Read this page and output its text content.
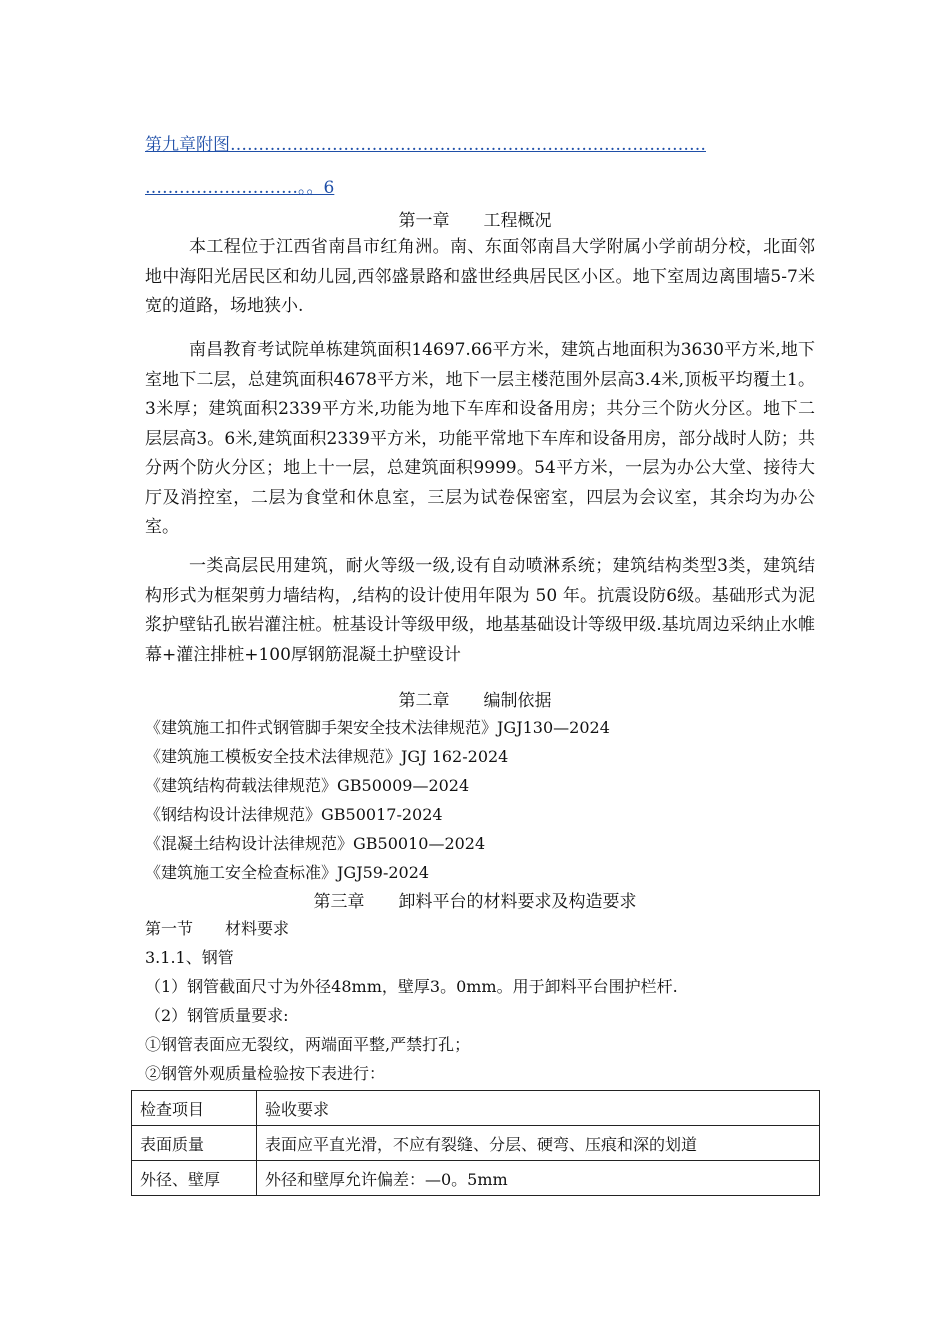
第九章附图…………………………………………………………………………
………………………。。6
第一章　　工程概况
本工程位于江西省南昌市红角洲。南、东面邻南昌大学附属小学前胡分校，北面邻地中海阳光居民区和幼儿园,西邻盛景路和盛世经典居民区小区。地下室周边离围墙5-7米宽的道路，场地狭小.
南昌教育考试院单栋建筑面积14697.66平方米，建筑占地面积为3630平方米,地下室地下二层，总建筑面积4678平方米，地下一层主楼范围外层高3.4米,顶板平均覆土1。3米厚；建筑面积2339平方米,功能为地下车库和设备用房；共分三个防火分区。地下二层层高3。6米,建筑面积2339平方米，功能平常地下车库和设备用房，部分战时人防；共分两个防火分区；地上十一层，总建筑面积9999。54平方米，一层为办公大堂、接待大厅及消控室，二层为食堂和休息室，三层为试卷保密室，四层为会议室，其余均为办公室。
一类高层民用建筑，耐火等级一级,设有自动喷淋系统；建筑结构类型3类，建筑结构形式为框架剪力墙结构，,结构的设计使用年限为 50 年。抗震设防6级。基础形式为泥浆护壁钻孔嵌岩灌注桩。桩基设计等级甲级，地基基础设计等级甲级.基坑周边采纳止水帷幕+灌注排桩+100厚钢筋混凝土护壁设计
第二章　　编制依据
《建筑施工扣件式钢管脚手架安全技术法律规范》JGJ130—2024
《建筑施工模板安全技术法律规范》JGJ 162-2024
《建筑结构荷载法律规范》GB50009—2024
《钢结构设计法律规范》GB50017-2024
《混凝土结构设计法律规范》GB50010—2024
《建筑施工安全检查标准》JGJ59-2024
第三章　　卸料平台的材料要求及构造要求
第一节　　材料要求
3.1.1、钢管
（1）钢管截面尺寸为外径48mm，壁厚3。0mm。用于卸料平台围护栏杆.
（2）钢管质量要求:
①钢管表面应无裂纹，两端面平整,严禁打孔；
②钢管外观质量检验按下表进行：
检查项目	验收要求
表面质量	表面应平直光滑，不应有裂缝、分层、硬弯、压痕和深的划道
外径、壁厚	外径和壁厚允许偏差：—0。5mm
